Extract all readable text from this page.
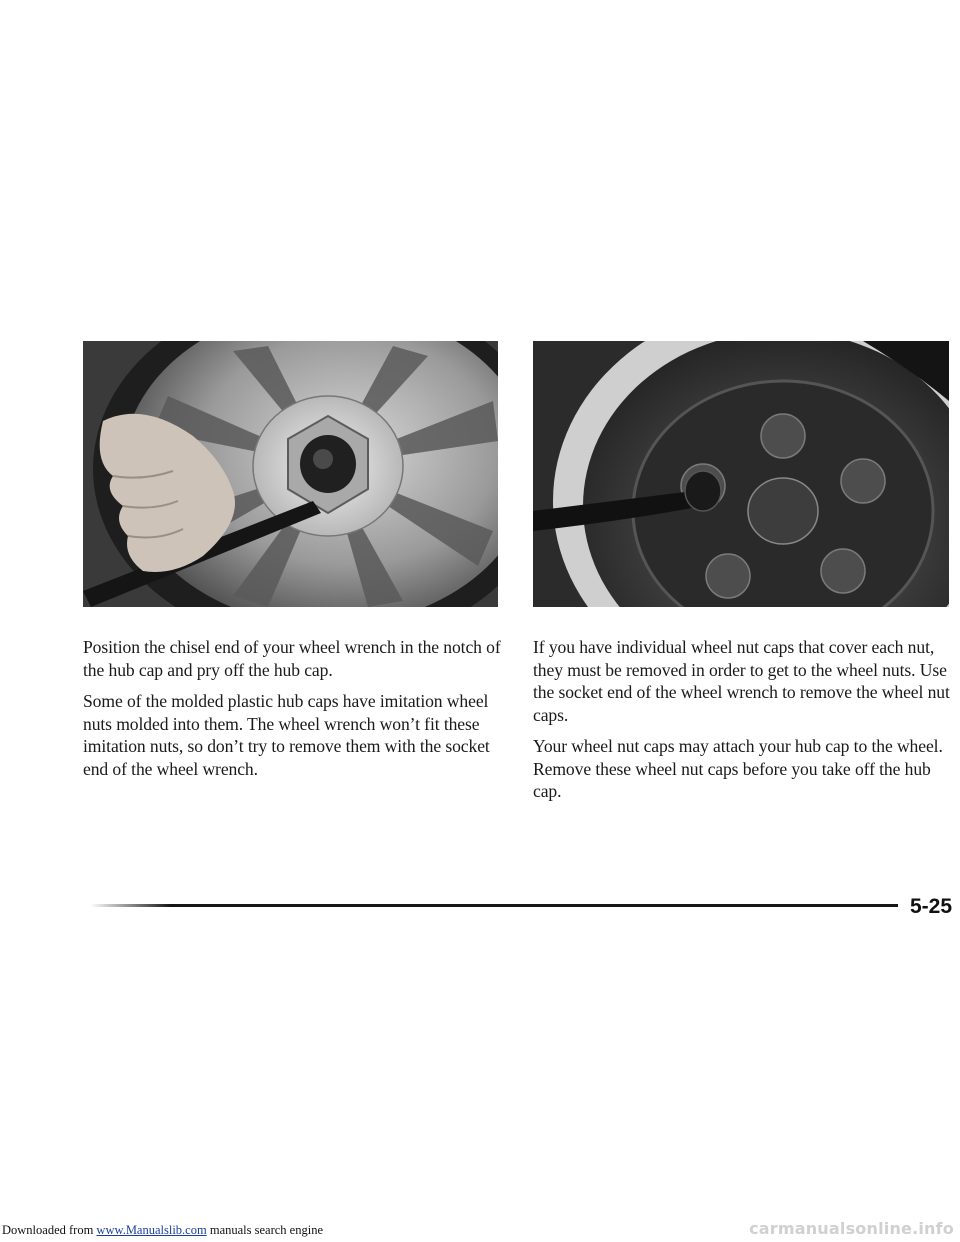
Position the chisel end of your wheel wrench in the notch of the hub cap and pry off the hub cap.

Some of the molded plastic hub caps have imitation wheel nuts molded into them. The wheel wrench won’t fit these imitation nuts, so don’t try to remove them with the socket end of the wheel wrench.

If you have individual wheel nut caps that cover each nut, they must be removed in order to get to the wheel nuts. Use the socket end of the wheel wrench to remove the wheel nut caps.

Your wheel nut caps may attach your hub cap to the wheel. Remove these wheel nut caps before you take off the hub cap.

5-25
Downloaded from www.Manualslib.com manuals search engine	carmanualsonline.info
